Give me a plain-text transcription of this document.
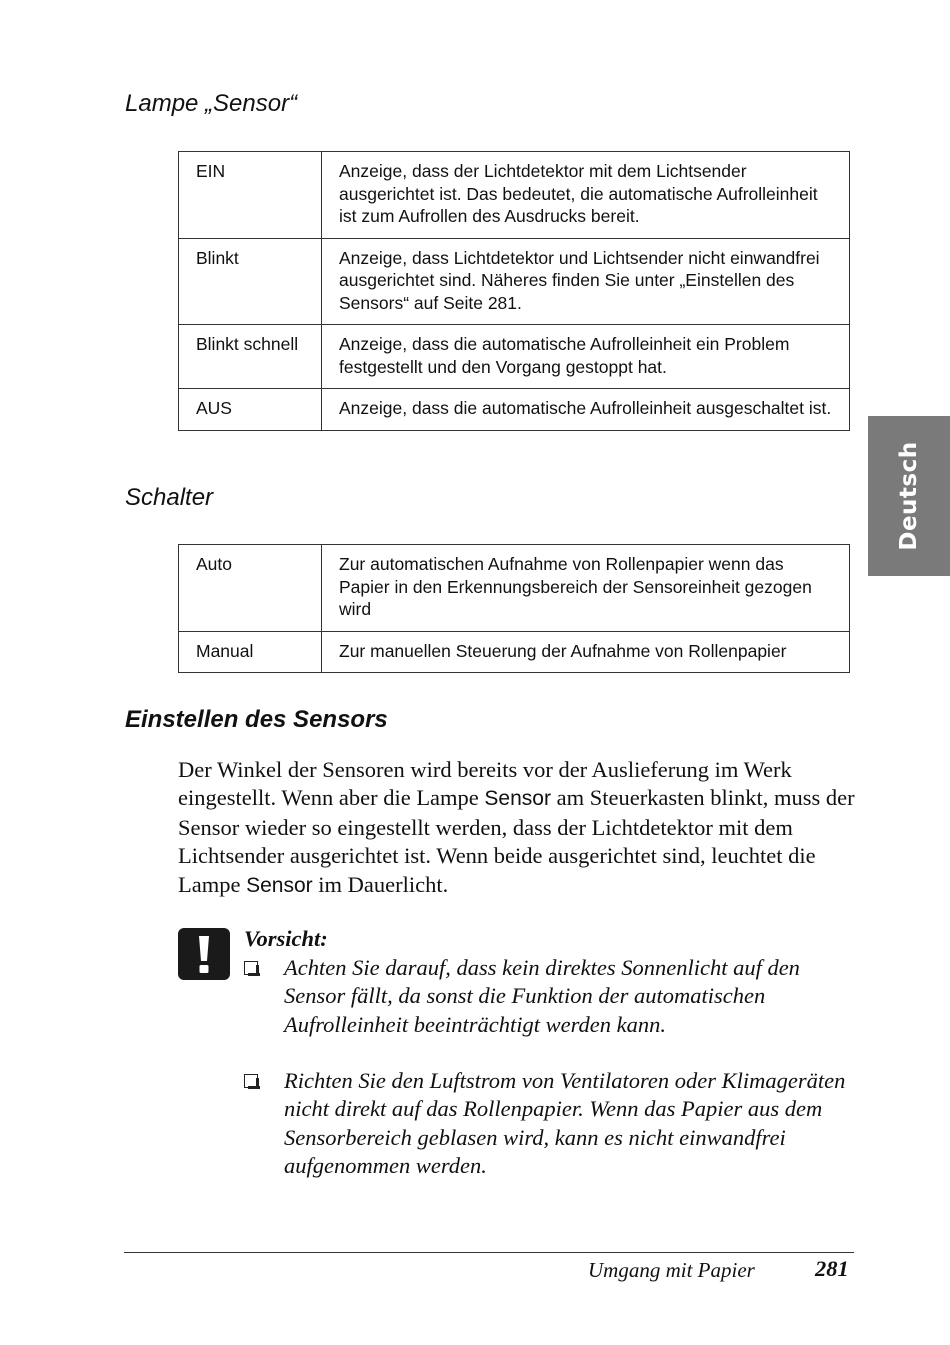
Lampe „Sensor“
EIN	Anzeige, dass der Lichtdetektor mit dem Lichtsender ausgerichtet ist. Das bedeutet, die automatische Aufrolleinheit ist zum Aufrollen des Ausdrucks bereit.
Blinkt	Anzeige, dass Lichtdetektor und Lichtsender nicht einwandfrei ausgerichtet sind. Näheres finden Sie unter „Einstellen des Sensors“ auf Seite 281.
Blinkt schnell	Anzeige, dass die automatische Aufrolleinheit ein Problem festgestellt und den Vorgang gestoppt hat.
AUS	Anzeige, dass die automatische Aufrolleinheit ausgeschaltet ist.
Schalter
Auto	Zur automatischen Aufnahme von Rollenpapier wenn das Papier in den Erkennungsbereich der Sensoreinheit gezogen wird
Manual	Zur manuellen Steuerung der Aufnahme von Rollenpapier
Einstellen des Sensors

Der Winkel der Sensoren wird bereits vor der Auslieferung im Werk eingestellt. Wenn aber die Lampe Sensor am Steuerkasten blinkt, muss der Sensor wieder so eingestellt werden, dass der Lichtdetektor mit dem Lichtsender ausgerichtet ist. Wenn beide ausgerichtet sind, leuchtet die Lampe Sensor im Dauerlicht.

Vorsicht:

Achten Sie darauf, dass kein direktes Sonnenlicht auf den Sensor fällt, da sonst die Funktion der automatischen Aufrolleinheit beeinträchtigt werden kann.

Richten Sie den Luftstrom von Ventilatoren oder Klimageräten nicht direkt auf das Rollenpapier. Wenn das Papier aus dem Sensorbereich geblasen wird, kann es nicht einwandfrei aufgenommen werden.

Deutsch

Umgang mit Papier	281
